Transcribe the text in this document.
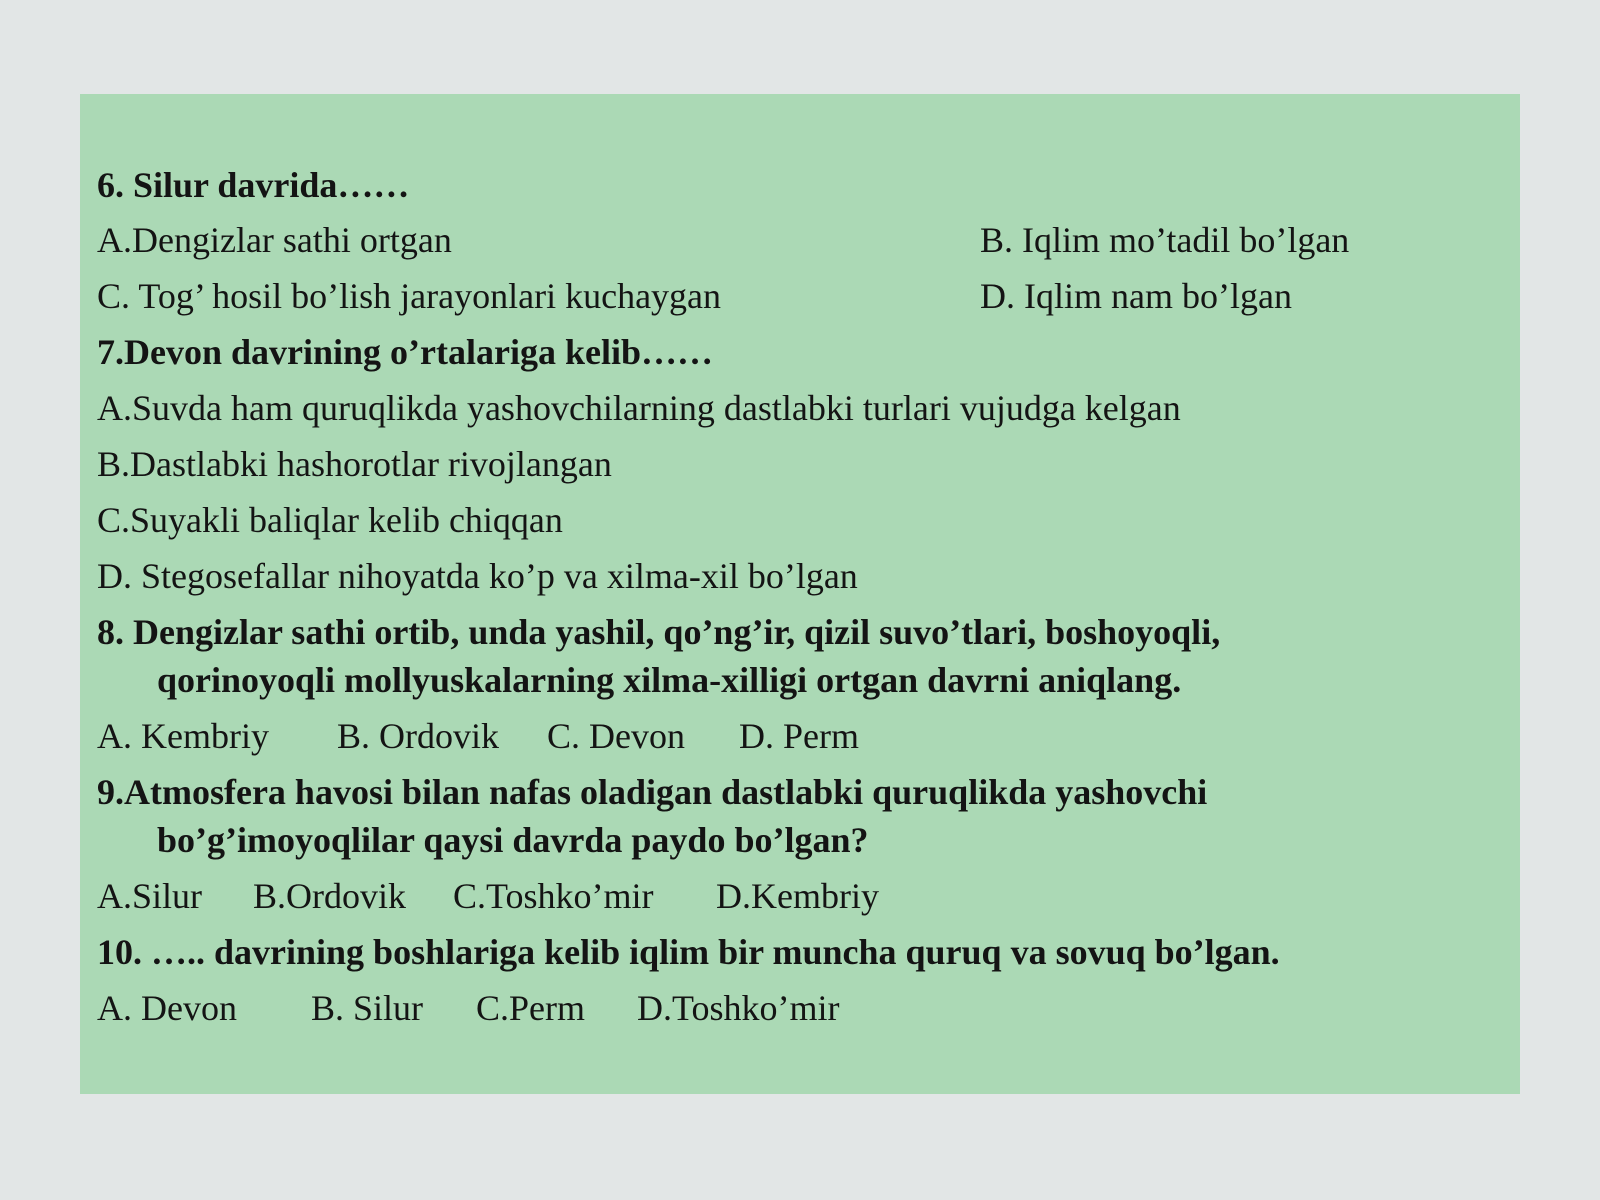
6. Silur davrida……
A.Dengizlar sathi ortgan	B. Iqlim mo’tadil bo’lgan
C. Tog’ hosil bo’lish jarayonlari kuchaygan	D. Iqlim nam bo’lgan
7.Devon davrining o’rtalariga kelib……
A.Suvda ham quruqlikda yashovchilarning dastlabki turlari vujudga kelgan
B.Dastlabki hashorotlar rivojlangan
C.Suyakli baliqlar kelib chiqqan
D. Stegosefallar nihoyatda ko’p va xilma-xil bo’lgan
8. Dengizlar sathi ortib, unda yashil, qo’ng’ir, qizil suvo’tlari, boshoyoqli,
qorinoyoqli mollyuskalarning xilma-xilligi ortgan davrni aniqlang.
A. Kembriy B. Ordovik C. Devon D. Perm
9.Atmosfera havosi bilan nafas oladigan dastlabki quruqlikda yashovchi
bo’g’imoyoqlilar qaysi davrda paydo bo’lgan?
A.Silur B.Ordovik C.Toshko’mir D.Kembriy
10. ….. davrining boshlariga kelib iqlim bir muncha quruq va sovuq bo’lgan.
A. Devon B. Silur C.Perm D.Toshko’mir
